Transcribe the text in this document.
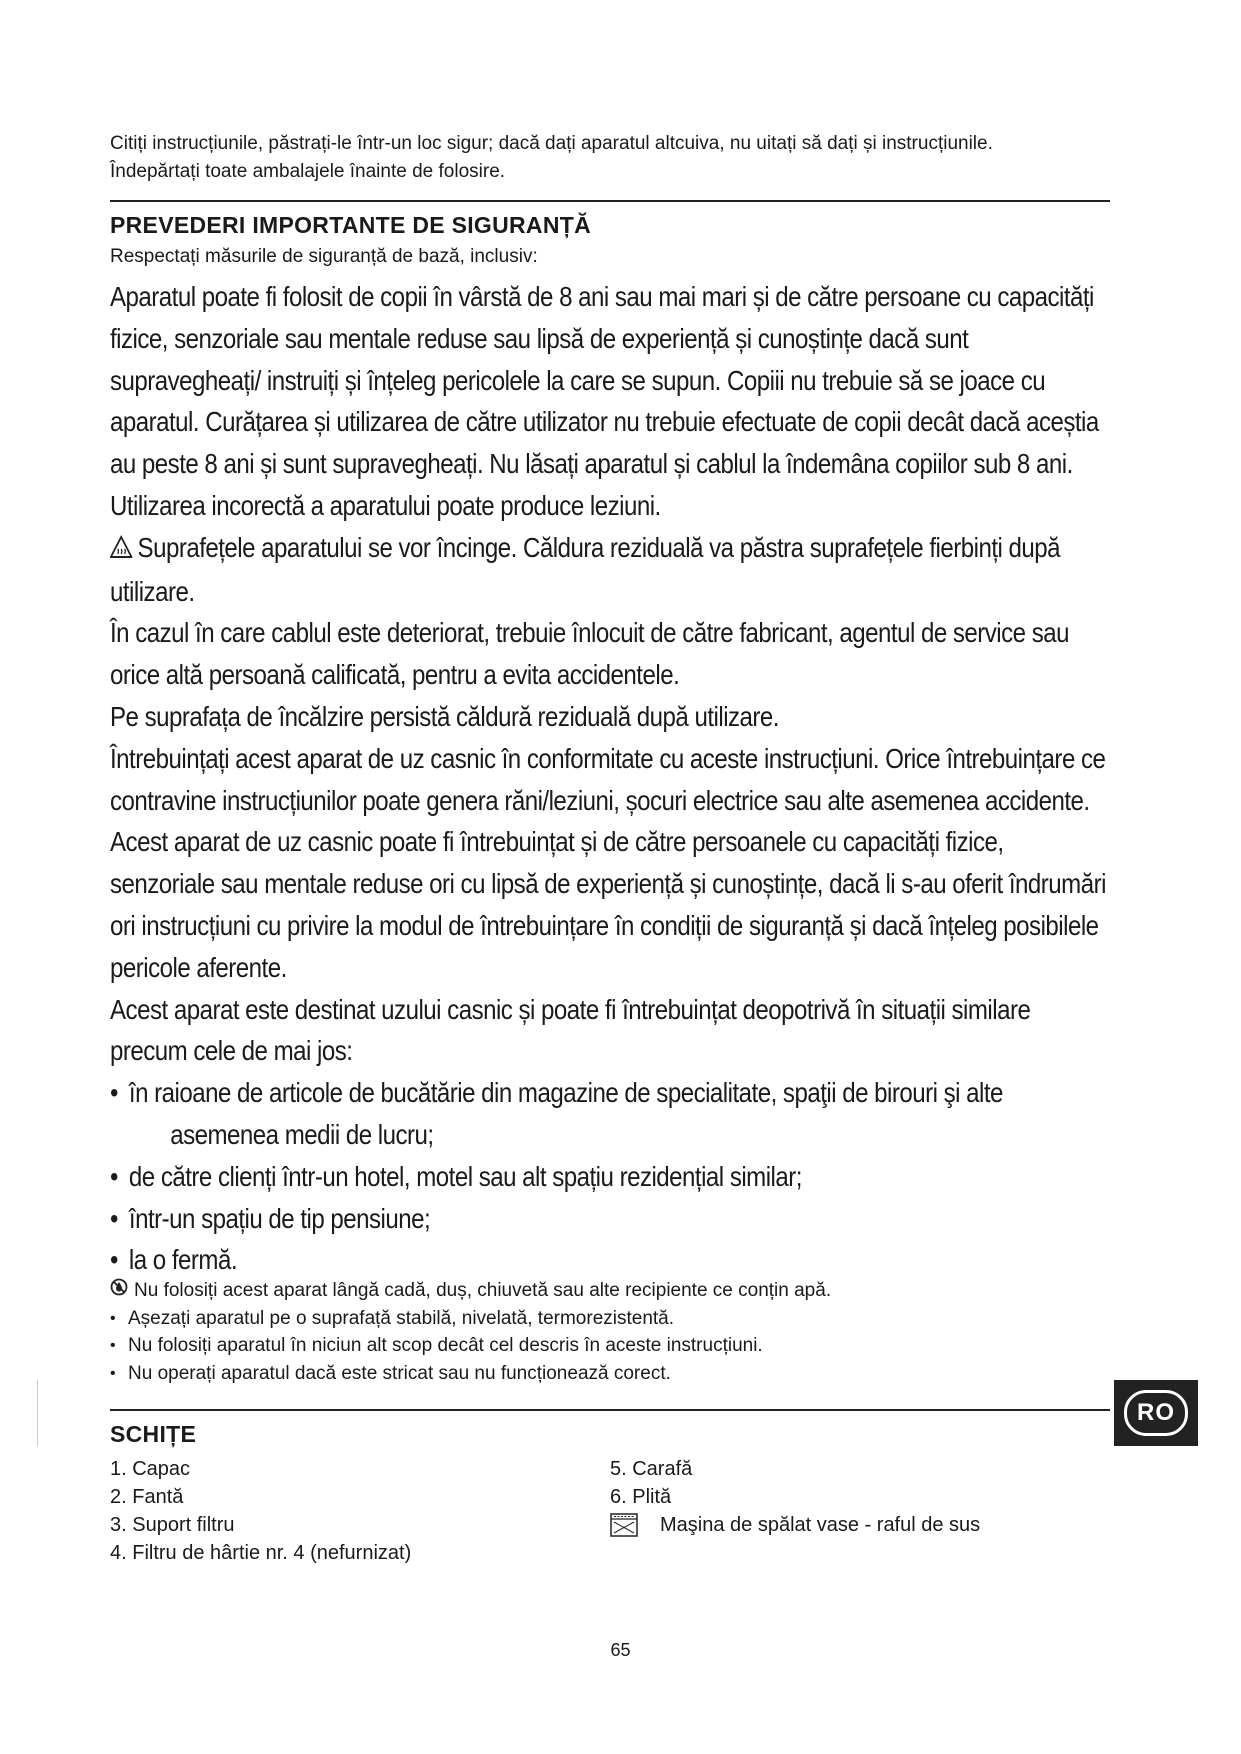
Citiți instrucțiunile, păstrați-le într-un loc sigur; dacă dați aparatul altcuiva, nu uitați să dați și instrucțiunile.

Îndepărtați toate ambalajele înainte de folosire.

PREVEDERI IMPORTANTE DE SIGURANȚĂ

Respectați măsurile de siguranță de bază, inclusiv:

Aparatul poate fi folosit de copii în vârstă de 8 ani sau mai mari și de către persoane cu capacități fizice, senzoriale sau mentale reduse sau lipsă de experiență și cunoștințe dacă sunt supravegheați/ instruiți și înțeleg pericolele la care se supun. Copiii nu trebuie să se joace cu aparatul. Curățarea și utilizarea de către utilizator nu trebuie efectuate de copii decât dacă aceștia au peste 8 ani și sunt supravegheați. Nu lăsați aparatul și cablul la îndemâna copiilor sub 8 ani.

Utilizarea incorectă a aparatului poate produce leziuni.

Suprafețele aparatului se vor încinge. Căldura reziduală va păstra suprafețele fierbinți după utilizare.

În cazul în care cablul este deteriorat, trebuie înlocuit de către fabricant, agentul de service sau orice altă persoană calificată, pentru a evita accidentele.

Pe suprafața de încălzire persistă căldură reziduală după utilizare.

Întrebuințați acest aparat de uz casnic în conformitate cu aceste instrucțiuni. Orice întrebuințare ce contravine instrucțiunilor poate genera răni/leziuni, șocuri electrice sau alte asemenea accidente.

Acest aparat de uz casnic poate fi întrebuințat și de către persoanele cu capacități fizice, senzoriale sau mentale reduse ori cu lipsă de experiență și cunoștințe, dacă li s-au oferit îndrumări ori instrucțiuni cu privire la modul de întrebuințare în condiții de siguranță și dacă înțeleg posibilele pericole aferente.

Acest aparat este destinat uzului casnic și poate fi întrebuințat deopotrivă în situații similare precum cele de mai jos:

• în raioane de articole de bucătărie din magazine de specialitate, spaţii de birouri şi alte
asemenea medii de lucru;
• de către clienți într-un hotel, motel sau alt spațiu rezidențial similar;
• într-un spațiu de tip pensiune;
• la o fermă.
Nu folosiți acest aparat lângă cadă, duș, chiuvetă sau alte recipiente ce conțin apă.
• Așezați aparatul pe o suprafață stabilă, nivelată, termorezistentă.
• Nu folosiți aparatul în niciun alt scop decât cel descris în aceste instrucțiuni.
• Nu operați aparatul dacă este stricat sau nu funcționează corect.
SCHIȚE
1. Capac
2. Fantă
3. Suport filtru
4. Filtru de hârtie nr. 4 (nefurnizat)
5. Carafă
6. Plită
Maşina de spălat vase - raful de sus
RO
65
